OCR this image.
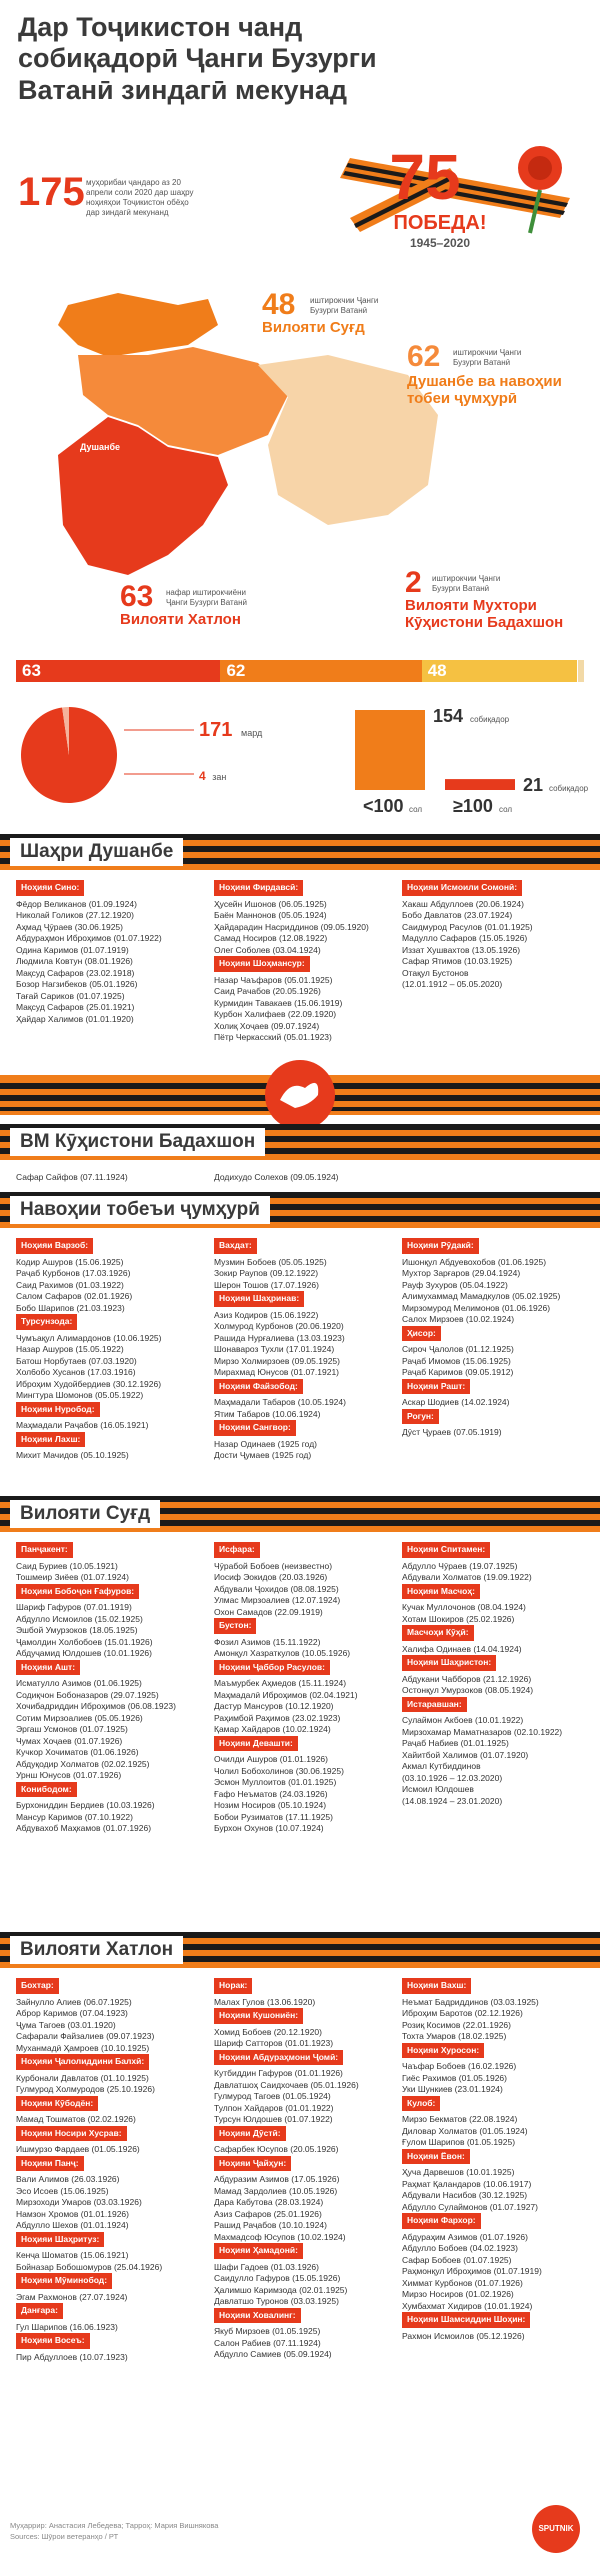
Дар Тоҷикистон чанд
собиқадорӣ Ҷанги Бузурги
Ватанӣ зиндагӣ мекунад
175 муҳорибаи ҷандаро аз 20
апрели соли 2020 дар шаҳру
ноҳияҳои Тоҷикистон обёҳо
дар зиндагӣ мекунанд	75
ПОБЕДА!
1945–2020
Душанбе
48 иштирокчии Ҷанги
Бузурги Ватанӣ
Вилояти Суғд
62 иштирокчии Ҷанги
Бузурги Ватанӣ
Душанбе ва навоҳии
тобеи ҷумҳурӣ
63 нафар иштирокчиёни
Ҷанги Бузурги Ватанӣ
Вилояти Хатлон
2 иштирокчии Ҷанги
Бузурги Ватанӣ
Вилояти Мухтори
Кӯҳистони Бадахшон
63	62	48	2
171 мард
4 зан
154 собиқадор
<100 сол
21 собиқадор
≥100 сол
Шаҳри Душанбе
Ноҳияи Сино:
Фёдор Великанов (01.09.1924)
Николай Голиков (27.12.1920)
Аҳмад Ҷӯраев (30.06.1925)
Абдураҳмон Иброҳимов (01.07.1922)
Одина Каримов (01.07.1919)
Людмила Ковтун (08.01.1926)
Мақсуд Сафаров (23.02.1918)
Бозор Нагзибеков (05.01.1926)
Тағай Сариков (01.07.1925)
Мақсуд Сафаров (25.01.1921)
Ҳайдар Халимов (01.01.1920)
Ноҳияи Фирдавсӣ:
Ҳусейн Ишонов (06.05.1925)
Баён Маннонов (05.05.1924)
Ҳайдарадин Насриддинов (09.05.1920)
Самад Носиров (12.08.1922)
Олег Соболев (03.04.1924)
Ноҳияи Шоҳмансур:
Назар Чаъфаров (05.01.1925)
Саид Рачабов (20.05.1926)
Курмидин Тавакаев (15.06.1919)
Курбон Халифаев (22.09.1920)
Холиқ Хоҷаев (09.07.1924)
Пётр Черкасский (05.01.1923)
Ноҳияи Исмоили Сомонӣ:
Хакаш Абдуллоев (20.06.1924)
Бобо Давлатов (23.07.1924)
Саидмурод Расулов (01.01.1925)
Мадулло Сафаров (15.05.1926)
Иззат Хушвахтов (13.05.1926)
Сафар Ятимов (10.03.1925)
Отақул Бустонов
(12.01.1912 – 05.05.2020)
ВМ Кӯҳистони Бадахшон
Сафар Сайфов (07.11.1924)	Додихудо Солехов (09.05.1924)
Навоҳии тобеъи ҷумҳурӣ
Ноҳияи Варзоб:
Кодир Ашуров (15.06.1925)
Раҷаб Курбонов (17.03.1926)
Саид Рахимов (01.03.1922)
Салом Сафаров (02.01.1926)
Бобо Шарипов (21.03.1923)
Турсунзода:
Чумъақул Алимардонов (10.06.1925)
Назар Ашуров (15.05.1922)
Батош Норбутаев (07.03.1920)
Хол6обо Хусанов (17.03.1916)
Иброҳим Худойбердиев (30.12.1926)
Мингтура Шомонов (05.05.1922)
Ноҳияи Нуробод:
Маҳмадали Раҷабов (16.05.1921)
Ноҳияи Лахш:
Михит Мачидов (05.10.1925)
Вахдат:
Музмин Бобоев (05.05.1925)
Зокир Раупов (09.12.1922)
Шерон Тошов (17.07.1926)
Ноҳияи Шаҳринав:
Азиз Кодиров (15.06.1922)
Холмурод Курбонов (20.06.1920)
Рашида Нурғалиева (13.03.1923)
Шонавароз Тухли (17.01.1924)
Мирзо Холмирзоев (09.05.1925)
Мирахмад Юнусов (01.07.1921)
Ноҳияи Файзобод:
Маҳмадали Табаров (10.05.1924)
Ятим Табаров (10.06.1924)
Ноҳияи Сангвор:
Назар Одинаев (1925 год)
Дости Ҷумаев (1925 год)
Ноҳияи Рӯдакӣ:
Ишонқул Абдуевохобов (01.06.1925)
Мухтор Зарғаров (29.04.1924)
Рауф Зухуров (05.04.1922)
Алимухаммад Мамадкулов (05.02.1925)
Мирзомурод Мелимонов (01.06.1926)
Салох Мирзоев (10.02.1924)
Ҳисор:
Сироч Ҷалолов (01.12.1925)
Раҷаб Имомов (15.06.1925)
Раҷаб Каримов (09.05.1912)
Ноҳияи Рашт:
Аскар Шодиев (14.02.1924)
Рогун:
Дӯст Ҷураев (07.05.1919)
Вилояти Суғд
Панҷакент:
Саид Буриев (10.05.1921)
Тошмеир Зиёев (01.07.1924)
Ноҳияи Бобоҷон Ғафуров:
Шариф Гафуров (07.01.1919)
Абдулло Исмоилов (15.02.1925)
Эшбой Умурзоков (18.05.1925)
Ҷамолдин Холбобоев (15.01.1926)
Абдуҷамид Юлдошев (10.01.1926)
Ноҳияи Ашт:
Исматулло Азимов (01.06.1925)
Содиқчон Бобоназаров (29.07.1925)
Хочибадриддин Иброҳимов (06.08.1923)
Сотим Мирзоалиев (05.05.1926)
Эргаш Усмонов (01.07.1925)
Чумах Хоҷаев (01.07.1926)
Кучкор Хочиматов (01.06.1926)
Абдуқодир Холматов (02.02.1925)
Урнш Юнусов (01.07.1926)
Конибодом:
Бурхониддин Бердиев (10.03.1926)
Мансур Каримов (07.10.1922)
Абдувахоб Маҳкамов (01.07.1926)
Исфара:
Чӯрабой Бобоев (неизвестно)
Иосиф Эокидов (20.03.1926)
Абдували Ҷохидов (08.08.1925)
Улмас Мирзоалиев (12.07.1924)
Охон Самадов (22.09.1919)
Бустон:
Фозил Азимов (15.11.1922)
Амонқул Хазраткулов (10.05.1926)
Ноҳияи Ҷаббор Расулов:
Маъмурбек Аҳмедов (15.11.1924)
Маҳмадалӣ Иброҳимов (02.04.1921)
Дастур Мансуров (10.12.1920)
Раҳимбой Раҳимов (23.02.1923)
Қамар Хайдаров (10.02.1924)
Ноҳияи Девашти:
Очилди Ашуров (01.01.1926)
Чолил Бобохолинов (30.06.1925)
Эсмон Муллоитов (01.01.1925)
Ғафо Неъматов (24.03.1926)
Нозим Носиров (05.10.1924)
Бобои Рузиматов (17.11.1925)
Бурхон Охунов (10.07.1924)
Ноҳияи Спитамен:
Абдулло Чӯраев (19.07.1925)
Абдували Холматов (19.09.1922)
Ноҳияи Масчоҳ:
Кучак Муллочонов (08.04.1924)
Хотам Шокиров (25.02.1926)
Масчоҳи Кӯҳӣ:
Халифа Одинаев (14.04.1924)
Ноҳияи Шаҳристон:
Абдукани Чабборов (21.12.1926)
Остонқул Умурзоков (08.05.1924)
Истаравшан:
Сулаймон Акбоев (10.01.1922)
Мирзохамар Маматназаров (02.10.1922)
Раҷаб Набиев (01.01.1925)
Хайитбой Халимов (01.07.1920)
Акмал Кутбиддинов
(03.10.1926 – 12.03.2020)
Исмоил Юлдошев
(14.08.1924 – 23.01.2020)
Вилояти Хатлон
Бохтар:
Зайнулло Алиев (06.07.1925)
Аброр Каримов (07.04.1923)
Ҷума Тагоев (03.01.1920)
Сафарали Файзалиев (09.07.1923)
Муханмадӣ Ҳамроев (10.10.1925)
Ноҳияи Ҷалолиддини Балхӣ:
Курбонали Давлатов (01.10.1925)
Гулмурод Холмуродов (25.10.1926)
Ноҳияи Кӯбодён:
Мамад Тошматов (02.02.1926)
Ноҳияи Носири Хусрав:
Ишмурзо Фардаев (01.05.1926)
Ноҳияи Панҷ:
Вали Алимов (26.03.1926)
Эсо Исоев (15.06.1925)
Мирзоходи Умаров (03.03.1926)
Намзон Хромов (01.01.1926)
Абдулло Шехов (01.01.1924)
Ноҳияи Шаҳритуз:
Кенҷа Шоматов (15.06.1921)
Бойназар Бобошомуров (25.04.1926)
Ноҳияи Мӯминобод:
Эгам Рахмонов (27.07.1924)
Данғара:
Гул Шарипов (16.06.1923)
Ноҳияи Восеъ:
Пир Абдуллоев (10.07.1923)
Норак:
Малах Гулов (13.06.1920)
Ноҳияи Кушониён:
Хомид Бобоев (20.12.1920)
Шариф Сатторов (01.01.1923)
Ноҳияи Абдураҳмони Ҷомӣ:
Кутбиддин Гафуров (01.01.1926)
Давлатшоҳ Саидхочаев (05.01.1926)
Гулмурод Тагоев (01.05.1924)
Тулпон Хайдаров (01.01.1922)
Турсун Юлдошев (01.07.1922)
Ноҳияи Дӯстӣ:
Сафарбек Юсупов (20.05.1926)
Ноҳияи Ҷайҳун:
Абдуразим Азимов (17.05.1926)
Мамад Зардолиев (10.05.1926)
Дара Кабутова (28.03.1924)
Азиз Сафаров (25.01.1926)
Рашид Раҷабов (10.10.1924)
Махмадсоф Юсупов (10.02.1924)
Ноҳияи Ҳамадонӣ:
Шафи Гадоев (01.03.1926)
Саидулло Гафуров (15.05.1926)
Ҳалимшо Каримзода (02.01.1925)
Давлатшо Туронов (03.03.1925)
Ноҳияи Ховалинг:
Якуб Мирзоев (01.05.1925)
Салон Рабиев (07.11.1924)
Абдулло Самиев (05.09.1924)
Ноҳияи Вахш:
Неъмат Бадриддинов (03.03.1925)
Иброҳим Баротов (02.12.1926)
Розиқ Косимов (22.01.1926)
Тохта Умаров (18.02.1925)
Ноҳияи Хуросон:
Чаъфар Бобоев (16.02.1926)
Гиёс Рахимов (01.05.1926)
Уки Шункиев (23.01.1924)
Кулоб:
Мирзо Бекматов (22.08.1924)
Диловар Холматов (01.05.1924)
Ғулом Шарипов (01.05.1925)
Ноҳияи Ёвон:
Ҳуча Дарвешов (10.01.1925)
Раҳмат Қаландаров (10.06.1917)
Абдували Насибов (30.12.1925)
Абдулло Сулаймонов (01.07.1927)
Ноҳияи Фархор:
Абдураҳим Азимов (01.07.1926)
Абдулло Бобоев (04.02.1923)
Сафар Бобоев (01.07.1925)
Раҳмонқул Иброҳимов (01.07.1919)
Химмат Курбонов (01.07.1926)
Мирзо Носиров (01.02.1926)
Хумбахмат Хидиров (10.01.1924)
Ноҳияи Шамсиддин Шоҳин:
Рахмон Исмоилов (05.12.1926)
Муҳаррир: Анастасия Лебедева; Тарроҳ: Мария Вишнякова
Sources: Шӯрои ветеранҳо / РТ
SPUTNIK
